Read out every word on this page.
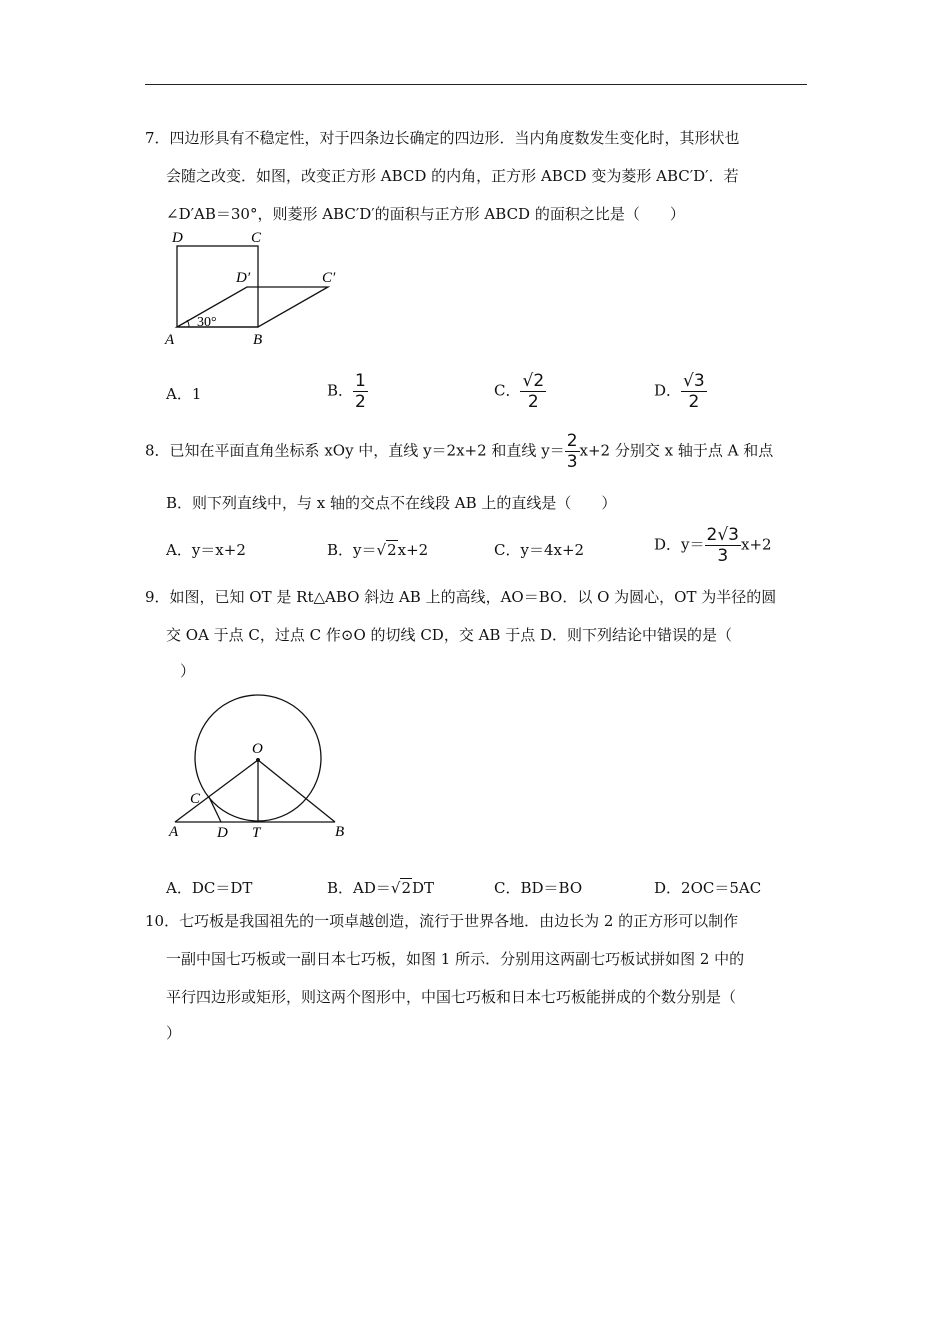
7．四边形具有不稳定性，对于四条边长确定的四边形．当内角度数发生变化时，其形状也
会随之改变．如图，改变正方形 ABCD 的内角，正方形 ABCD 变为菱形 ABC′D′．若
∠D′AB＝30°，则菱形 ABC′D′的面积与正方形 ABCD 的面积之比是（　　）
D	C
D′	C′
A	B
30°
A．1	B． $\frac{1}{2}$	C． $\frac{√2}{2}$	D． $\frac{√3}{2}$
8．已知在平面直角坐标系 xOy 中，直线 y＝2x+2 和直线 $y= \frac{2}{3} x+2$ 分别交 x 轴于点 A 和点
B．则下列直线中，与 x 轴的交点不在线段 AB 上的直线是（　　）
A．y＝x+2	B．y＝√2x+2	C．y＝4x+2	D．$y= \frac{2√3}{3} x+2$
9．如图，已知 OT 是 Rt△ABO 斜边 AB 上的高线，AO＝BO．以 O 为圆心，OT 为半径的圆
交 OA 于点 C，过点 C 作⊙O 的切线 CD，交 AB 于点 D．则下列结论中错误的是（
）
O
C
A	D T	B
A．DC＝DT	B．AD＝√2DT	C．BD＝BO	D．2OC＝5AC
10．七巧板是我国祖先的一项卓越创造，流行于世界各地．由边长为 2 的正方形可以制作
一副中国七巧板或一副日本七巧板，如图 1 所示．分别用这两副七巧板试拼如图 2 中的
平行四边形或矩形，则这两个图形中，中国七巧板和日本七巧板能拼成的个数分别是（
）
